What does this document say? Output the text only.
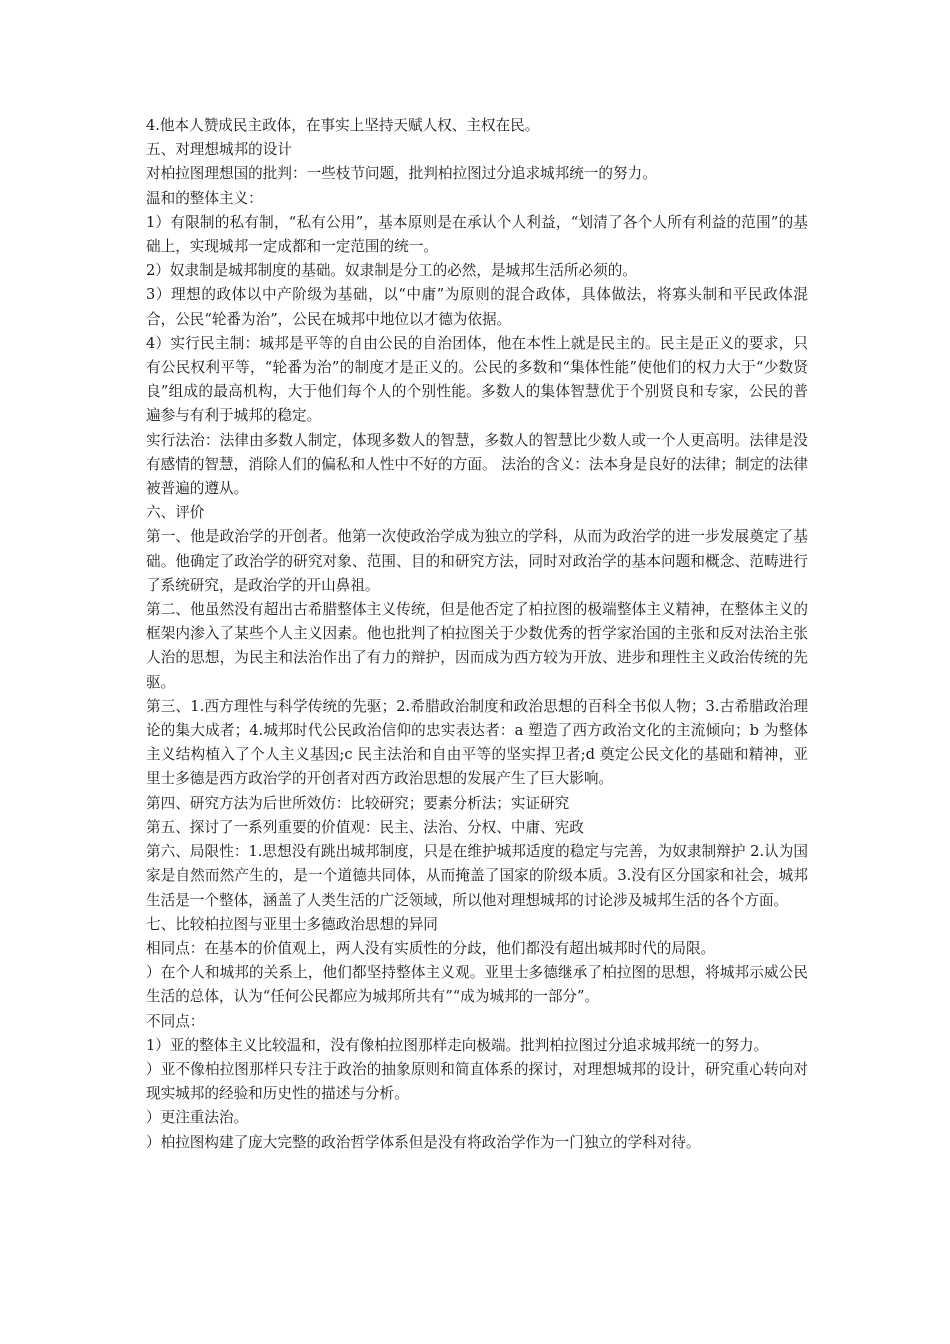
4.他本人赞成民主政体，在事实上坚持天赋人权、主权在民。

五、对理想城邦的设计

对柏拉图理想国的批判：一些枝节问题，批判柏拉图过分追求城邦统一的努力。

温和的整体主义：

1）有限制的私有制，“私有公用”，基本原则是在承认个人利益，“划清了各个人所有利益的范围”的基础上，实现城邦一定成都和一定范围的统一。

2）奴隶制是城邦制度的基础。奴隶制是分工的必然，是城邦生活所必须的。

3）理想的政体以中产阶级为基础，以“中庸”为原则的混合政体，具体做法，将寡头制和平民政体混合，公民“轮番为治”，公民在城邦中地位以才德为依据。

4）实行民主制：城邦是平等的自由公民的自治团体，他在本性上就是民主的。民主是正义的要求，只有公民权利平等，“轮番为治”的制度才是正义的。公民的多数和“集体性能”使他们的权力大于“少数贤良”组成的最高机构，大于他们每个人的个别性能。多数人的集体智慧优于个别贤良和专家，公民的普遍参与有利于城邦的稳定。

实行法治：法律由多数人制定，体现多数人的智慧，多数人的智慧比少数人或一个人更高明。法律是没有感情的智慧，消除人们的偏私和人性中不好的方面。 法治的含义：法本身是良好的法律；制定的法律被普遍的遵从。

六、评价

第一、他是政治学的开创者。他第一次使政治学成为独立的学科，从而为政治学的进一步发展奠定了基础。他确定了政治学的研究对象、范围、目的和研究方法，同时对政治学的基本问题和概念、范畴进行了系统研究，是政治学的开山鼻祖。

第二、他虽然没有超出古希腊整体主义传统，但是他否定了柏拉图的极端整体主义精神，在整体主义的框架内渗入了某些个人主义因素。他也批判了柏拉图关于少数优秀的哲学家治国的主张和反对法治主张人治的思想，为民主和法治作出了有力的辩护，因而成为西方较为开放、进步和理性主义政治传统的先驱。

第三、1.西方理性与科学传统的先驱；2.希腊政治制度和政治思想的百科全书似人物；3.古希腊政治理论的集大成者；4.城邦时代公民政治信仰的忠实表达者：a 塑造了西方政治文化的主流倾向；b 为整体主义结构植入了个人主义基因;c 民主法治和自由平等的坚实捍卫者;d 奠定公民文化的基础和精神，亚里士多德是西方政治学的开创者对西方政治思想的发展产生了巨大影响。

第四、研究方法为后世所效仿：比较研究；要素分析法；实证研究

第五、探讨了一系列重要的价值观：民主、法治、分权、中庸、宪政

第六、局限性：1.思想没有跳出城邦制度，只是在维护城邦适度的稳定与完善，为奴隶制辩护 2.认为国家是自然而然产生的，是一个道德共同体，从而掩盖了国家的阶级本质。3.没有区分国家和社会，城邦生活是一个整体，涵盖了人类生活的广泛领域，所以他对理想城邦的讨论涉及城邦生活的各个方面。

七、比较柏拉图与亚里士多德政治思想的异同

相同点：在基本的价值观上，两人没有实质性的分歧，他们都没有超出城邦时代的局限。

）在个人和城邦的关系上，他们都坚持整体主义观。亚里士多德继承了柏拉图的思想，将城邦示威公民生活的总体，认为“任何公民都应为城邦所共有”“成为城邦的一部分”。

不同点：

1）亚的整体主义比较温和，没有像柏拉图那样走向极端。批判柏拉图过分追求城邦统一的努力。

）亚不像柏拉图那样只专注于政治的抽象原则和简直体系的探讨，对理想城邦的设计，研究重心转向对现实城邦的经验和历史性的描述与分析。

）更注重法治。

）柏拉图构建了庞大完整的政治哲学体系但是没有将政治学作为一门独立的学科对待。
